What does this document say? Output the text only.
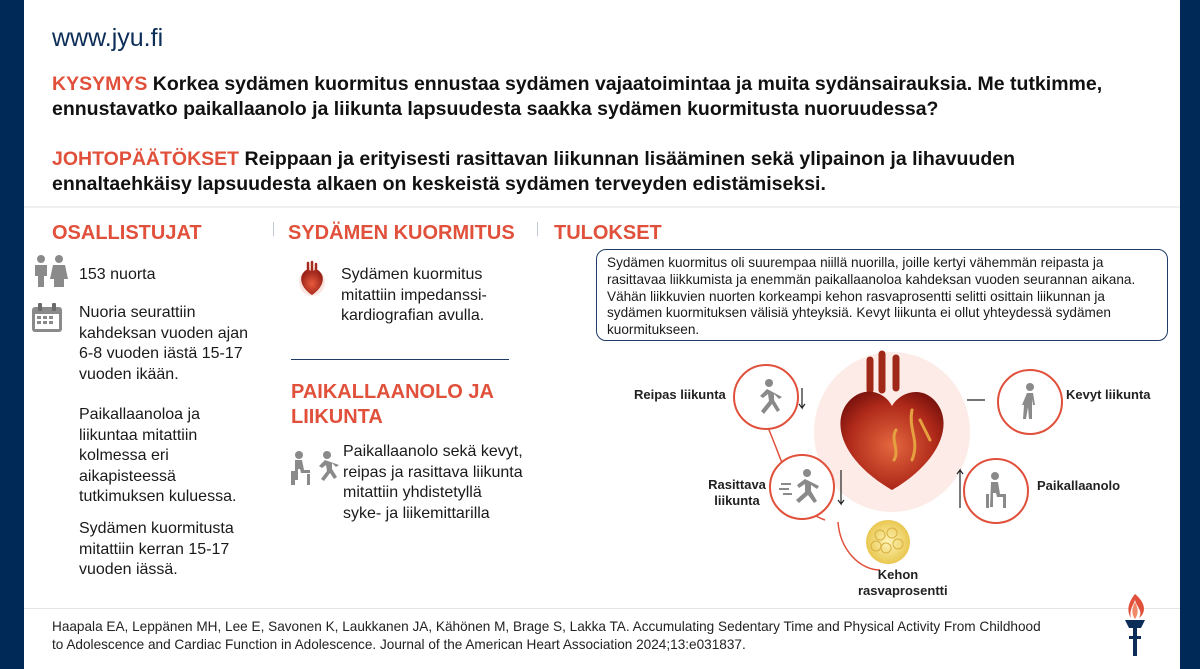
www.jyu.fi
KYSYMYS Korkea sydämen kuormitus ennustaa sydämen vajaatoimintaa ja muita sydänsairauksia. Me tutkimme, ennustavatko paikallaanolo ja liikunta lapsuudesta saakka sydämen kuormitusta nuoruudessa?
JOHTOPÄÄTÖKSET Reippaan ja erityisesti rasittavan liikunnan lisääminen sekä ylipainon ja lihavuuden ennaltaehkäisy lapsuudesta alkaen on keskeistä sydämen terveyden edistämiseksi.
OSALLISTUJAT
153 nuorta
Nuoria seurattiin kahdeksan vuoden ajan 6-8 vuoden iästä 15-17 vuoden ikään.
Paikallaanoloa ja liikuntaa mitattiin kolmessa eri aikapisteessä tutkimuksen kuluessa.
Sydämen kuormitusta mitattiin kerran 15-17 vuoden iässä.
SYDÄMEN KUORMITUS
Sydämen kuormitus mitattiin impedanssi-kardiografian avulla.
PAIKALLAANOLO JA LIIKUNTA
Paikallaanolo sekä kevyt, reipas ja rasittava liikunta mitattiin yhdistetyllä syke- ja liikemittarilla
TULOKSET
Sydämen kuormitus oli suurempaa niillä nuorilla, joille kertyi vähemmän reipasta ja rasittavaa liikkumista ja enemmän paikallaanoloa kahdeksan vuoden seurannan aikana. Vähän liikkuvien nuorten korkeampi kehon rasvaprosentti selitti osittain liikunnan ja sydämen kuormituksen välisiä yhteyksiä. Kevyt liikunta ei ollut yhteydessä sydämen kuormitukseen.
Reipas liikunta	Kevyt liikunta
Rasittava liikunta
Paikallaanolo
Kehon rasvaprosentti
Haapala EA, Leppänen MH, Lee E, Savonen K, Laukkanen JA, Kähönen M, Brage S, Lakka TA. Accumulating Sedentary Time and Physical Activity From Childhood to Adolescence and Cardiac Function in Adolescence. Journal of the American Heart Association 2024;13:e031837.
